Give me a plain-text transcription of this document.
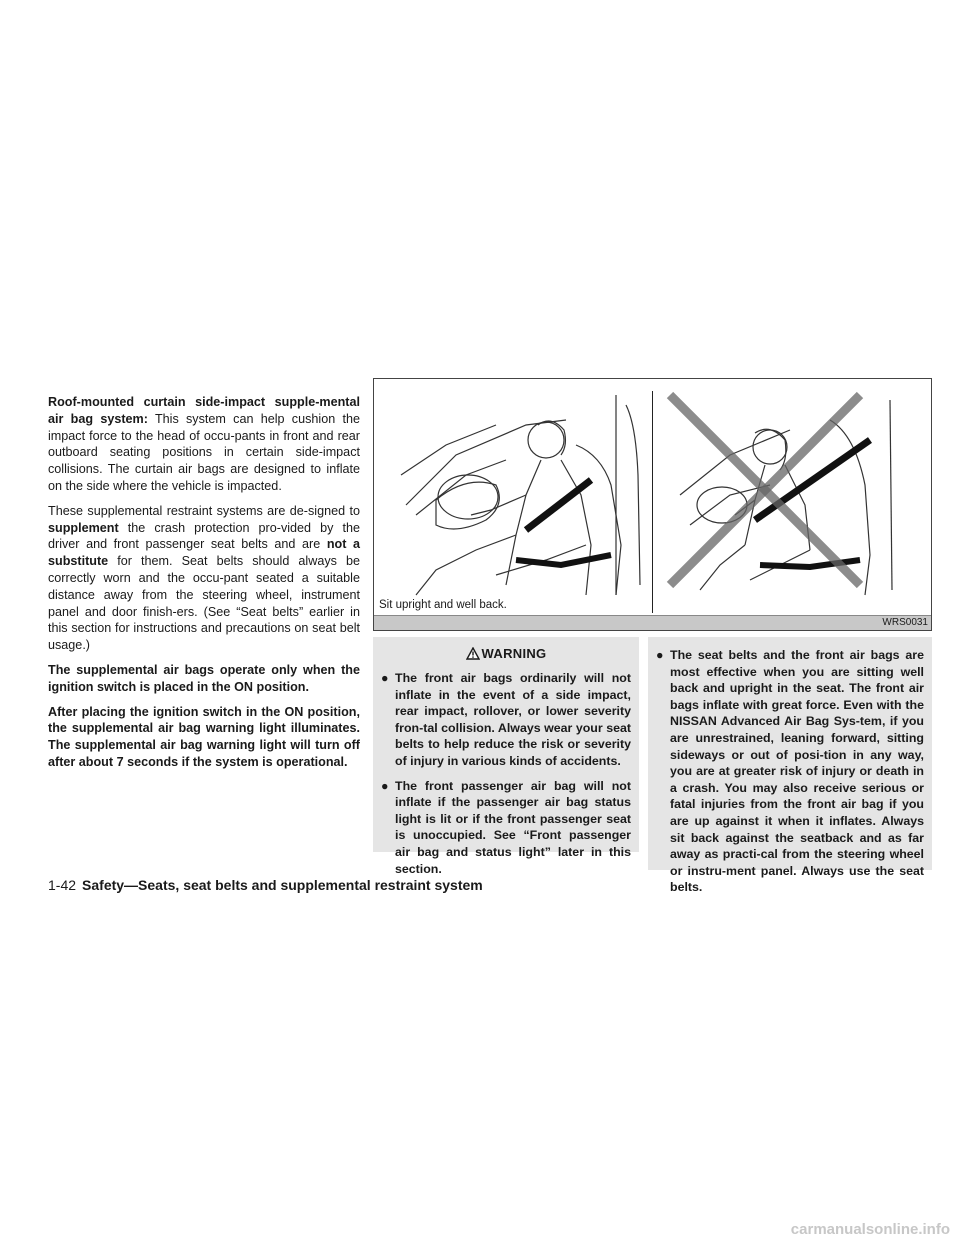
Roof-mounted curtain side-impact supple-mental air bag system: This system can help cushion the impact force to the head of occu-pants in front and rear outboard seating positions in certain side-impact collisions. The curtain air bags are designed to inflate on the side where the vehicle is impacted.

These supplemental restraint systems are de-signed to supplement the crash protection pro-vided by the driver and front passenger seat belts and are not a substitute for them. Seat belts should always be correctly worn and the occu-pant seated a suitable distance away from the steering wheel, instrument panel and door finish-ers. (See “Seat belts” earlier in this section for instructions and precautions on seat belt usage.)

The supplemental air bags operate only when the ignition switch is placed in the ON position.

After placing the ignition switch in the ON position, the supplemental air bag warning light illuminates. The supplemental air bag warning light will turn off after about 7 seconds if the system is operational.

Sit upright and well back.
WRS0031
WARNING
● The front air bags ordinarily will not inflate in the event of a side impact, rear impact, rollover, or lower severity fron-tal collision. Always wear your seat belts to help reduce the risk or severity of injury in various kinds of accidents.
● The front passenger air bag will not inflate if the passenger air bag status light is lit or if the front passenger seat is unoccupied. See “Front passenger air bag and status light” later in this section.
● The seat belts and the front air bags are most effective when you are sitting well back and upright in the seat. The front air bags inflate with great force. Even with the NISSAN Advanced Air Bag Sys-tem, if you are unrestrained, leaning forward, sitting sideways or out of posi-tion in any way, you are at greater risk of injury or death in a crash. You may also receive serious or fatal injuries from the front air bag if you are up against it when it inflates. Always sit back against the seatback and as far away as practi-cal from the steering wheel or instru-ment panel. Always use the seat belts.
1-42 Safety—Seats, seat belts and supplemental restraint system
carmanualsonline.info
